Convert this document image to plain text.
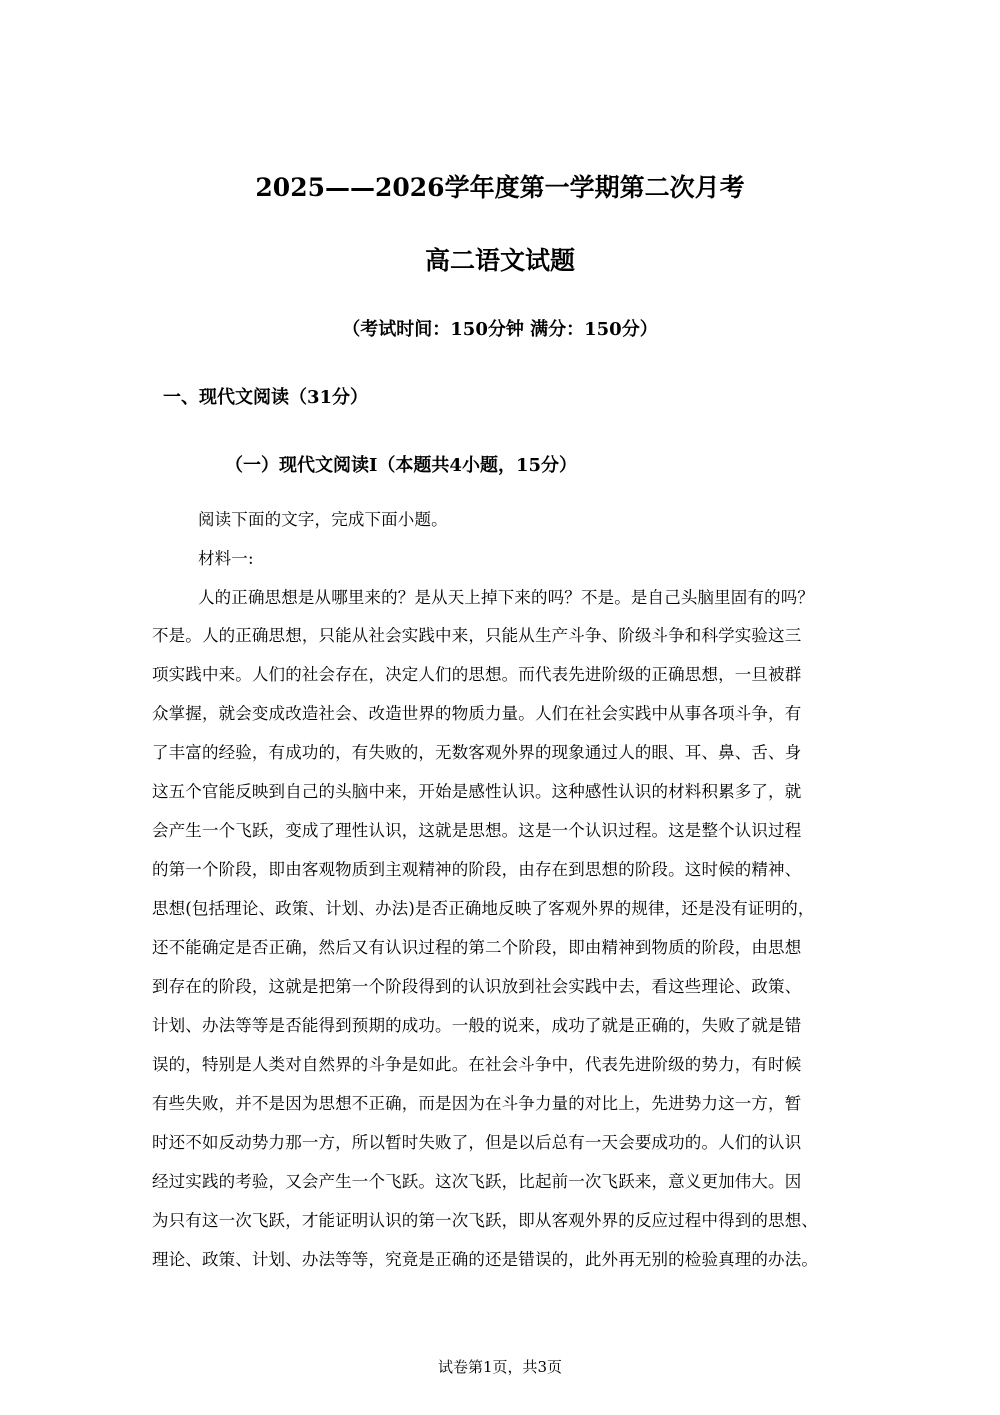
2025——2026学年度第一学期第二次月考
高二语文试题
（考试时间：150分钟 满分：150分）
一、现代文阅读（31分）
（一）现代文阅读Ⅰ（本题共4小题，15分）
阅读下面的文字，完成下面小题。
材料一:
人的正确思想是从哪里来的？是从天上掉下来的吗？不是。是自己头脑里固有的吗？
不是。人的正确思想，只能从社会实践中来，只能从生产斗争、阶级斗争和科学实验这三
项实践中来。人们的社会存在，决定人们的思想。而代表先进阶级的正确思想，一旦被群
众掌握，就会变成改造社会、改造世界的物质力量。人们在社会实践中从事各项斗争，有
了丰富的经验，有成功的，有失败的，无数客观外界的现象通过人的眼、耳、鼻、舌、身
这五个官能反映到自己的头脑中来，开始是感性认识。这种感性认识的材料积累多了，就
会产生一个飞跃，变成了理性认识，这就是思想。这是一个认识过程。这是整个认识过程
的第一个阶段，即由客观物质到主观精神的阶段，由存在到思想的阶段。这时候的精神、
思想(包括理论、政策、计划、办法)是否正确地反映了客观外界的规律，还是没有证明的，
还不能确定是否正确，然后又有认识过程的第二个阶段，即由精神到物质的阶段，由思想
到存在的阶段，这就是把第一个阶段得到的认识放到社会实践中去，看这些理论、政策、
计划、办法等等是否能得到预期的成功。一般的说来，成功了就是正确的，失败了就是错
误的，特别是人类对自然界的斗争是如此。在社会斗争中，代表先进阶级的势力，有时候
有些失败，并不是因为思想不正确，而是因为在斗争力量的对比上，先进势力这一方，暂
时还不如反动势力那一方，所以暂时失败了，但是以后总有一天会要成功的。人们的认识
经过实践的考验，又会产生一个飞跃。这次飞跃，比起前一次飞跃来，意义更加伟大。因
为只有这一次飞跃，才能证明认识的第一次飞跃，即从客观外界的反应过程中得到的思想、
理论、政策、计划、办法等等，究竟是正确的还是错误的，此外再无别的检验真理的办法。
试卷第1页，共3页
